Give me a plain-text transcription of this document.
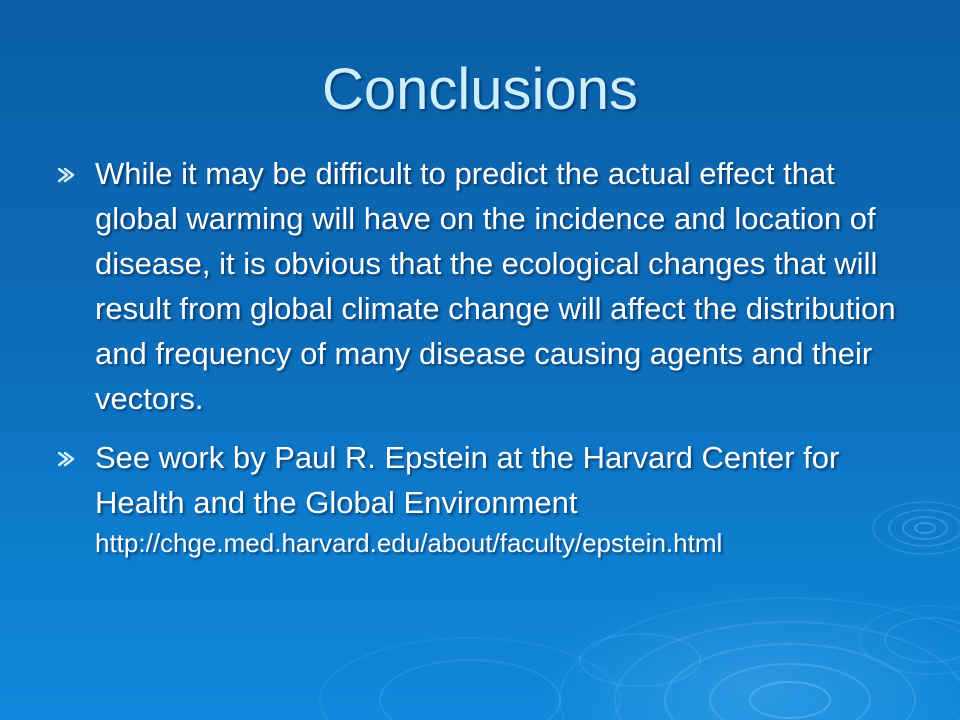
Conclusions
While it may be difficult to predict the actual effect that global warming will have on the incidence and location of disease, it is obvious that the ecological changes that will result from global climate change will affect the distribution and frequency of many disease causing agents and their vectors.
See work by Paul R. Epstein at the Harvard Center for Health and the Global Environment
http://chge.med.harvard.edu/about/faculty/epstein.html
